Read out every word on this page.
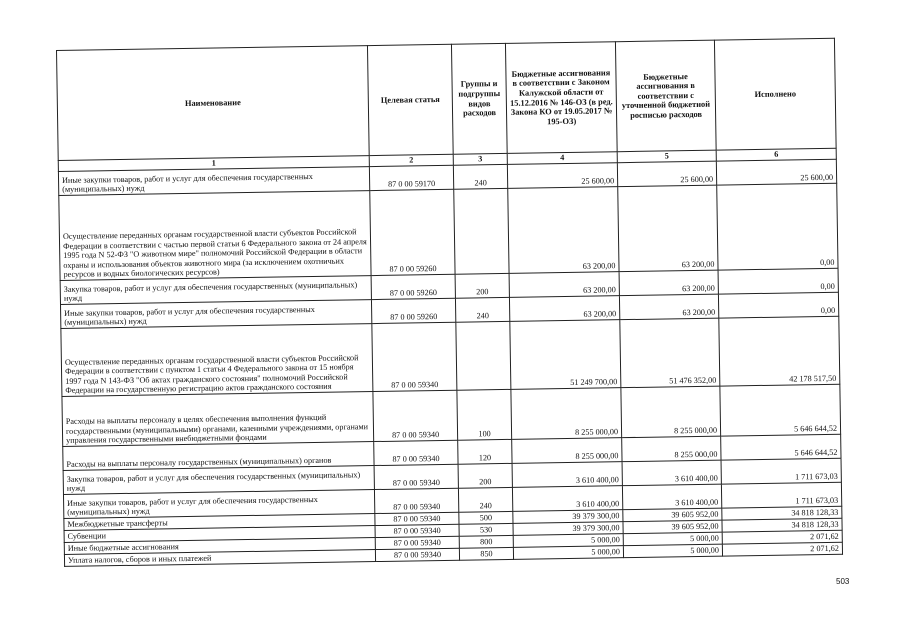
Наименование	Целевая статья	Группы и подгруппы видов расходов	Бюджетные ассигнования в соответствии с Законом Калужской области от 15.12.2016 № 146-ОЗ (в ред. Закона КО от 19.05.2017 № 195-ОЗ)	Бюджетные ассигнования в соответствии с уточненной бюджетной росписью расходов	Исполнено
1	2	3	4	5	6
Иные закупки товаров, работ и услуг для обеспечения государственных (муниципальных) нужд	87 0 00 59170	240	25 600,00	25 600,00	25 600,00
Осуществление переданных органам государственной власти субъектов Российской Федерации в соответствии с частью первой статьи 6 Федерального закона от 24 апреля 1995 года N 52-ФЗ "О животном мире" полномочий Российской Федерации в области охраны и использования объектов животного мира (за исключением охотничьих ресурсов и водных биологических ресурсов)	87 0 00 59260		63 200,00	63 200,00	0,00
Закупка товаров, работ и услуг для обеспечения государственных (муниципальных) нужд	87 0 00 59260	200	63 200,00	63 200,00	0,00
Иные закупки товаров, работ и услуг для обеспечения государственных (муниципальных) нужд	87 0 00 59260	240	63 200,00	63 200,00	0,00
Осуществление переданных органам государственной власти субъектов Российской Федерации в соответствии с пунктом 1 статьи 4 Федерального закона от 15 ноября 1997 года N 143-ФЗ "Об актах гражданского состояния" полномочий Российской Федерации на государственную регистрацию актов гражданского состояния	87 0 00 59340		51 249 700,00	51 476 352,00	42 178 517,50
Расходы на выплаты персоналу в целях обеспечения выполнения функций государственными (муниципальными) органами, казенными учреждениями, органами управления государственными внебюджетными фондами	87 0 00 59340	100	8 255 000,00	8 255 000,00	5 646 644,52
Расходы на выплаты персоналу государственных (муниципальных) органов	87 0 00 59340	120	8 255 000,00	8 255 000,00	5 646 644,52
Закупка товаров, работ и услуг для обеспечения государственных (муниципальных) нужд	87 0 00 59340	200	3 610 400,00	3 610 400,00	1 711 673,03
Иные закупки товаров, работ и услуг для обеспечения государственных (муниципальных) нужд	87 0 00 59340	240	3 610 400,00	3 610 400,00	1 711 673,03
Межбюджетные трансферты	87 0 00 59340	500	39 379 300,00	39 605 952,00	34 818 128,33
Субвенции	87 0 00 59340	530	39 379 300,00	39 605 952,00	34 818 128,33
Иные бюджетные ассигнования	87 0 00 59340	800	5 000,00	5 000,00	2 071,62
Уплата налогов, сборов и иных платежей	87 0 00 59340	850	5 000,00	5 000,00	2 071,62
503
